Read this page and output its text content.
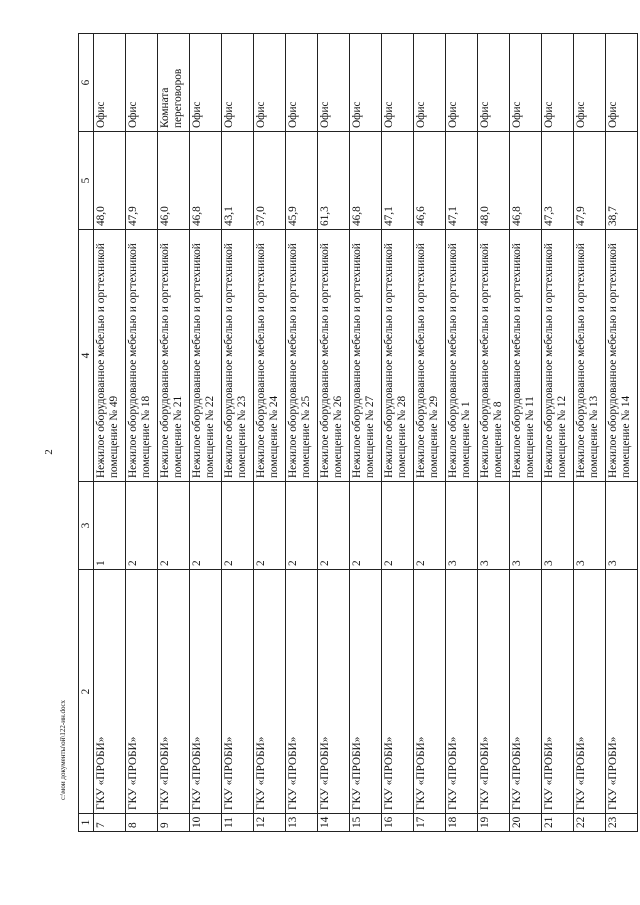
2
1	2	3	4	5	6
7	ГКУ «ПРОБИ»	1	Нежилое оборудованное мебелью и оргтехникой помещение № 49	48,0	Офис
8	ГКУ «ПРОБИ»	2	Нежилое оборудованное мебелью и оргтехникой помещение № 18	47,9	Офис
9	ГКУ «ПРОБИ»	2	Нежилое оборудованное мебелью и оргтехникой помещение № 21	46,0	Комната переговоров
10	ГКУ «ПРОБИ»	2	Нежилое оборудованное мебелью и оргтехникой помещение № 22	46,8	Офис
11	ГКУ «ПРОБИ»	2	Нежилое оборудованное мебелью и оргтехникой помещение № 23	43,1	Офис
12	ГКУ «ПРОБИ»	2	Нежилое оборудованное мебелью и оргтехникой помещение № 24	37,0	Офис
13	ГКУ «ПРОБИ»	2	Нежилое оборудованное мебелью и оргтехникой помещение № 25	45,9	Офис
14	ГКУ «ПРОБИ»	2	Нежилое оборудованное мебелью и оргтехникой помещение № 26	61,3	Офис
15	ГКУ «ПРОБИ»	2	Нежилое оборудованное мебелью и оргтехникой помещение № 27	46,8	Офис
16	ГКУ «ПРОБИ»	2	Нежилое оборудованное мебелью и оргтехникой помещение № 28	47,1	Офис
17	ГКУ «ПРОБИ»	2	Нежилое оборудованное мебелью и оргтехникой помещение № 29	46,6	Офис
18	ГКУ «ПРОБИ»	3	Нежилое оборудованное мебелью и оргтехникой помещение № 1	47,1	Офис
19	ГКУ «ПРОБИ»	3	Нежилое оборудованное мебелью и оргтехникой помещение № 8	48,0	Офис
20	ГКУ «ПРОБИ»	3	Нежилое оборудованное мебелью и оргтехникой помещение № 11	46,8	Офис
21	ГКУ «ПРОБИ»	3	Нежилое оборудованное мебелью и оргтехникой помещение № 12	47,3	Офис
22	ГКУ «ПРОБИ»	3	Нежилое оборудованное мебелью и оргтехникой помещение № 13	47,9	Офис
23	ГКУ «ПРОБИ»	3	Нежилое оборудованное мебелью и оргтехникой помещение № 14	38,7	Офис
c:\мои документы\ой\122-ин.docx
